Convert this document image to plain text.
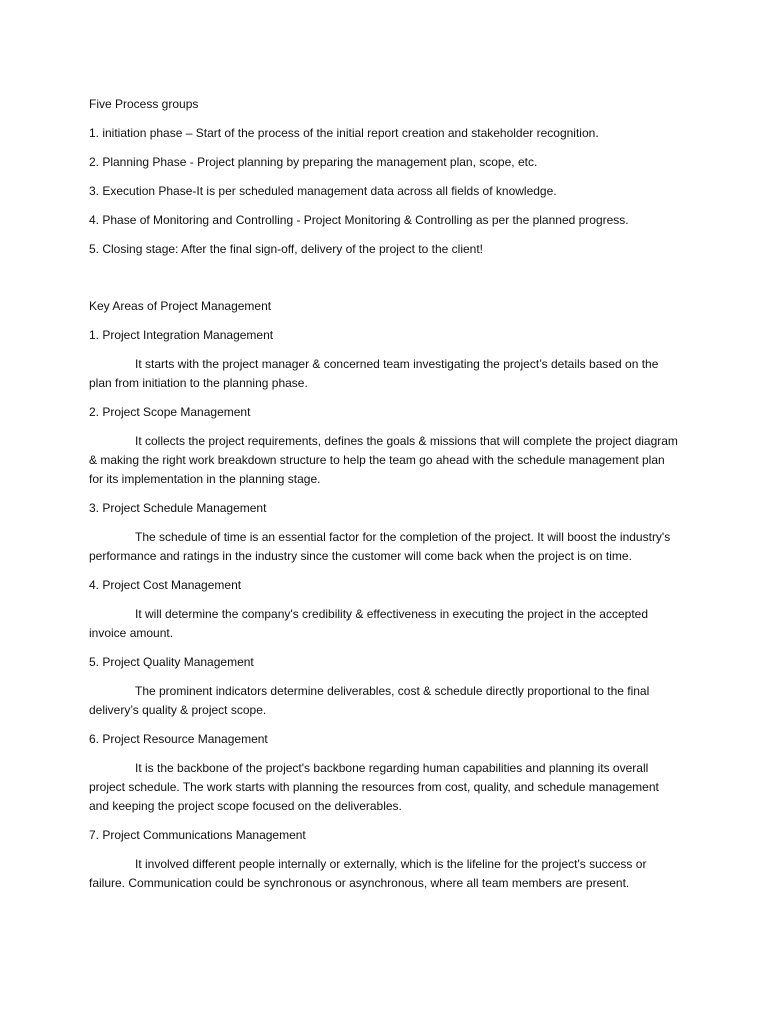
Five Process groups

1. initiation phase – Start of the process of the initial report creation and stakeholder recognition.

2. Planning Phase - Project planning by preparing the management plan, scope, etc.

3. Execution Phase-It is per scheduled management data across all fields of knowledge.

4. Phase of Monitoring and Controlling - Project Monitoring & Controlling as per the planned progress.

5. Closing stage: After the final sign-off, delivery of the project to the client!

Key Areas of Project Management

1. Project Integration Management

It starts with the project manager & concerned team investigating the project’s details based on the plan from initiation to the planning phase.

2. Project Scope Management

It collects the project requirements, defines the goals & missions that will complete the project diagram & making the right work breakdown structure to help the team go ahead with the schedule management plan for its implementation in the planning stage.

3. Project Schedule Management

The schedule of time is an essential factor for the completion of the project. It will boost the industry's performance and ratings in the industry since the customer will come back when the project is on time.

4. Project Cost Management

It will determine the company's credibility & effectiveness in executing the project in the accepted invoice amount.

5. Project Quality Management

The prominent indicators determine deliverables, cost & schedule directly proportional to the final delivery’s quality & project scope.

6. Project Resource Management

It is the backbone of the project's backbone regarding human capabilities and planning its overall project schedule. The work starts with planning the resources from cost, quality, and schedule management and keeping the project scope focused on the deliverables.

7. Project Communications Management

It involved different people internally or externally, which is the lifeline for the project's success or failure. Communication could be synchronous or asynchronous, where all team members are present.
